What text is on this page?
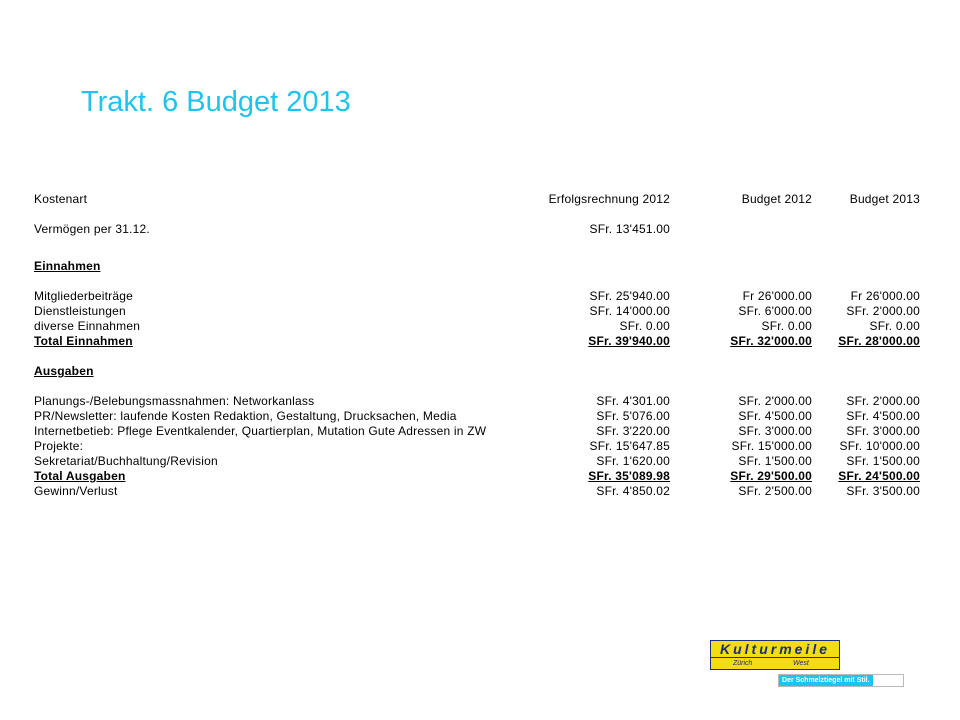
Trakt. 6 Budget 2013
Kostenart	Erfolgsrechnung 2012	Budget 2012	Budget 2013
Vermögen per 31.12.	SFr. 13'451.00
Einnahmen
Mitgliederbeiträge	SFr. 25'940.00	Fr 26'000.00	Fr 26'000.00
Dienstleistungen	SFr. 14'000.00	SFr. 6'000.00	SFr. 2'000.00
diverse Einnahmen	SFr. 0.00	SFr. 0.00	SFr. 0.00
Total Einnahmen	SFr. 39'940.00	SFr. 32'000.00 SFr. 28'000.00
Ausgaben
Planungs-/Belebungsmassnahmen: Networkanlass	SFr. 4'301.00	SFr. 2'000.00	SFr. 2'000.00
PR/Newsletter: laufende Kosten Redaktion, Gestaltung, Drucksachen, Media	SFr. 5'076.00	SFr. 4'500.00	SFr. 4'500.00
Internetbetieb: Pflege Eventkalender, Quartierplan, Mutation Gute Adressen in ZW	SFr. 3'220.00	SFr. 3'000.00	SFr. 3'000.00
Projekte:	SFr. 15'647.85	SFr. 15'000.00 SFr. 10'000.00
Sekretariat/Buchhaltung/Revision	SFr. 1'620.00	SFr. 1'500.00	SFr. 1'500.00
Total Ausgaben	SFr. 35'089.98	SFr. 29'500.00 SFr. 24'500.00
Gewinn/Verlust	SFr. 4'850.02	SFr. 2'500.00	SFr. 3'500.00
Kulturmeile
Zürich	West
Der Schmelztiegel mit Stil.
